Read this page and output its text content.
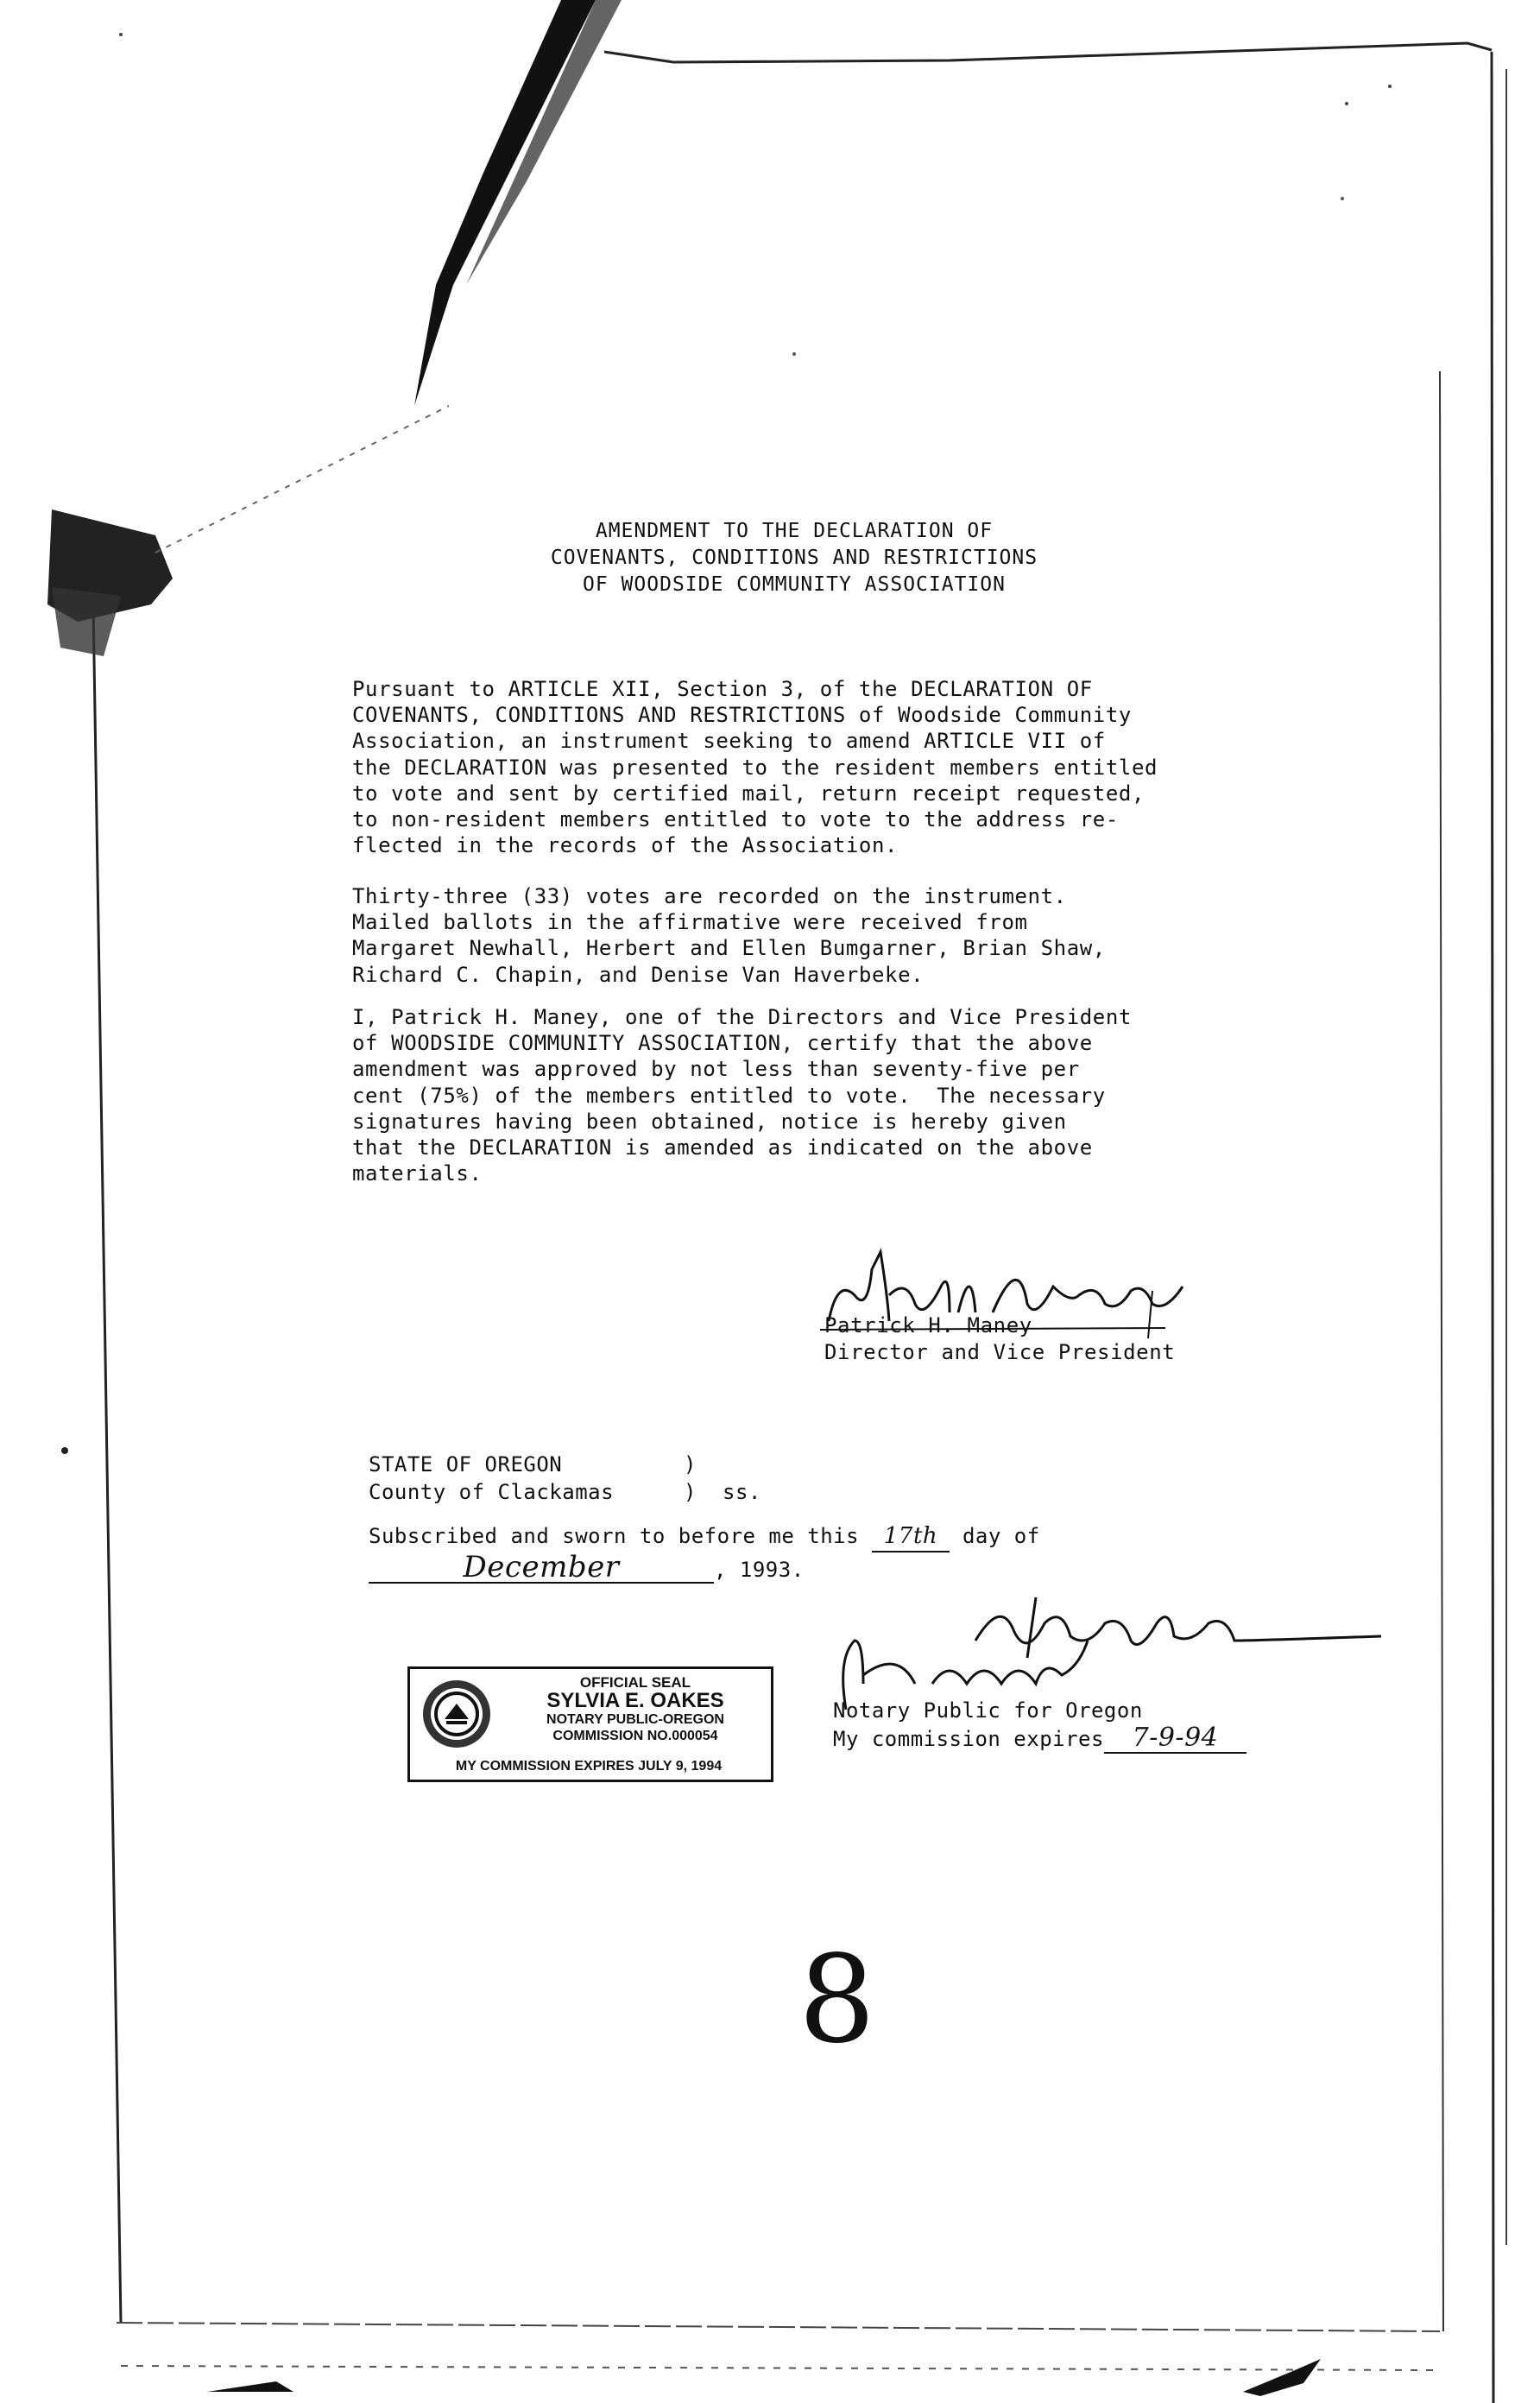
AMENDMENT TO THE DECLARATION OF
COVENANTS, CONDITIONS AND RESTRICTIONS
OF WOODSIDE COMMUNITY ASSOCIATION
Pursuant to ARTICLE XII, Section 3, of the DECLARATION OF
COVENANTS, CONDITIONS AND RESTRICTIONS of Woodside Community
Association, an instrument seeking to amend ARTICLE VII of
the DECLARATION was presented to the resident members entitled
to vote and sent by certified mail, return receipt requested,
to non-resident members entitled to vote to the address re-
flected in the records of the Association.
Thirty-three (33) votes are recorded on the instrument.
Mailed ballots in the affirmative were received from
Margaret Newhall, Herbert and Ellen Bumgarner, Brian Shaw,
Richard C. Chapin, and Denise Van Haverbeke.
I, Patrick H. Maney, one of the Directors and Vice President
of WOODSIDE COMMUNITY ASSOCIATION, certify that the above
amendment was approved by not less than seventy-five per
cent (75%) of the members entitled to vote.  The necessary
signatures having been obtained, notice is hereby given
that the DECLARATION is amended as indicated on the above
materials.
Patrick H. Maney
Director and Vice President
STATE OF OREGON	)
County of Clackamas	) ss.
Subscribed and sworn to before me this 17th day of
December	, 1993.
Notary Public for Oregon
My commission expires 7-9-94
OFFICIAL SEAL
SYLVIA E. OAKES
NOTARY PUBLIC-OREGON
COMMISSION NO.000054
MY COMMISSION EXPIRES JULY 9, 1994
8
